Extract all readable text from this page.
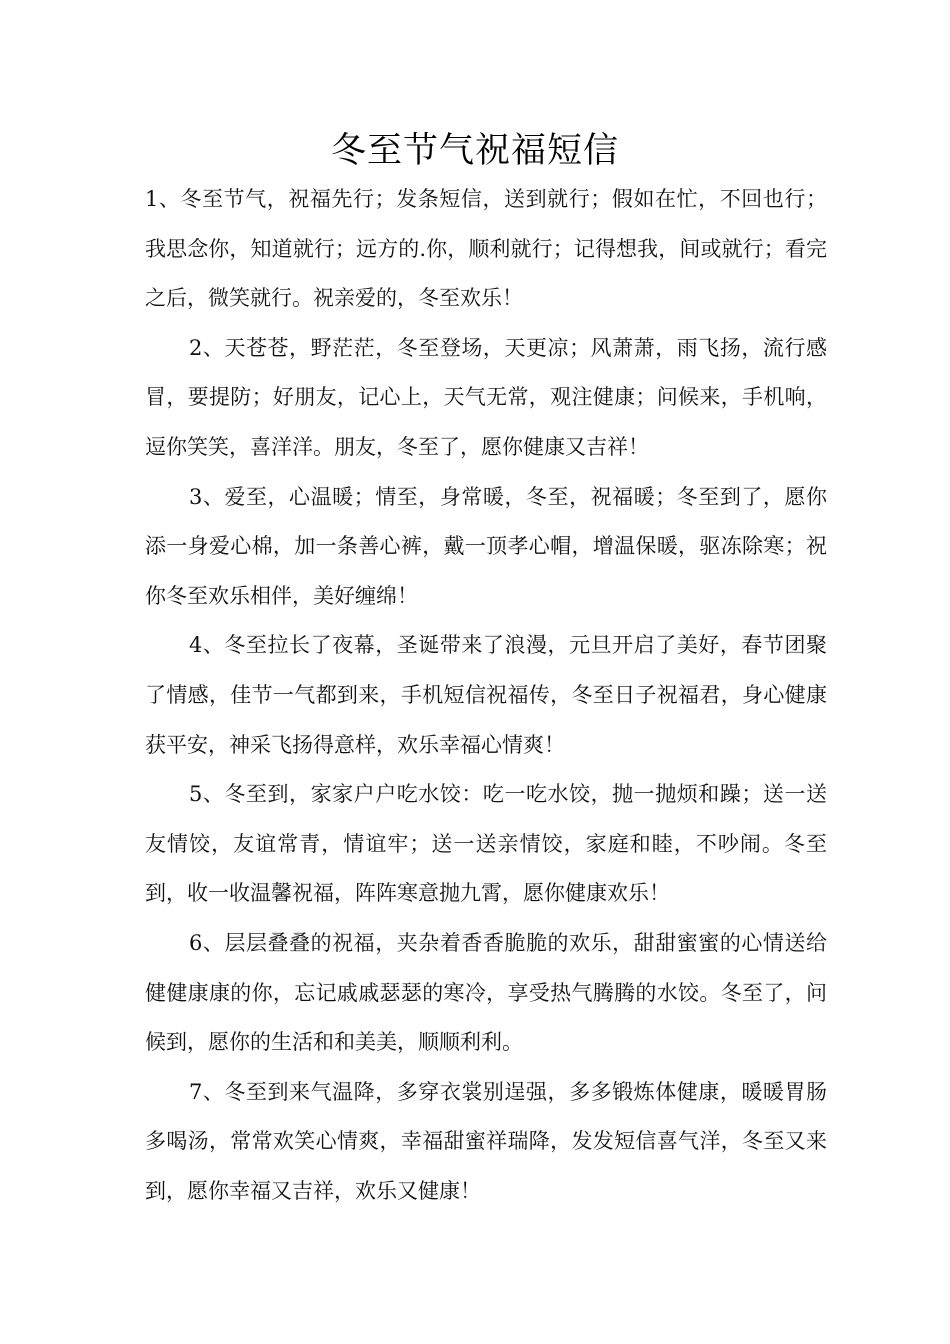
冬至节气祝福短信

1、冬至节气，祝福先行；发条短信，送到就行；假如在忙，不回也行；我思念你，知道就行；远方的.你，顺利就行；记得想我，间或就行；看完之后，微笑就行。祝亲爱的，冬至欢乐！

2、天苍苍，野茫茫，冬至登场，天更凉；风萧萧，雨飞扬，流行感冒，要提防；好朋友，记心上，天气无常，观注健康；问候来，手机响，逗你笑笑，喜洋洋。朋友，冬至了，愿你健康又吉祥！

3、爱至，心温暖；情至，身常暖，冬至，祝福暖；冬至到了，愿你添一身爱心棉，加一条善心裤，戴一顶孝心帽，增温保暖，驱冻除寒；祝你冬至欢乐相伴，美好缠绵！

4、冬至拉长了夜幕，圣诞带来了浪漫，元旦开启了美好，春节团聚了情感，佳节一气都到来，手机短信祝福传，冬至日子祝福君，身心健康获平安，神采飞扬得意样，欢乐幸福心情爽！

5、冬至到，家家户户吃水饺：吃一吃水饺，抛一抛烦和躁；送一送友情饺，友谊常青，情谊牢；送一送亲情饺，家庭和睦，不吵闹。冬至到，收一收温馨祝福，阵阵寒意抛九霄，愿你健康欢乐！

6、层层叠叠的祝福，夹杂着香香脆脆的欢乐，甜甜蜜蜜的心情送给健健康康的你，忘记戚戚瑟瑟的寒冷，享受热气腾腾的水饺。冬至了，问候到，愿你的生活和和美美，顺顺利利。

7、冬至到来气温降，多穿衣裳别逞强，多多锻炼体健康，暖暖胃肠多喝汤，常常欢笑心情爽，幸福甜蜜祥瑞降，发发短信喜气洋，冬至又来到，愿你幸福又吉祥，欢乐又健康！
